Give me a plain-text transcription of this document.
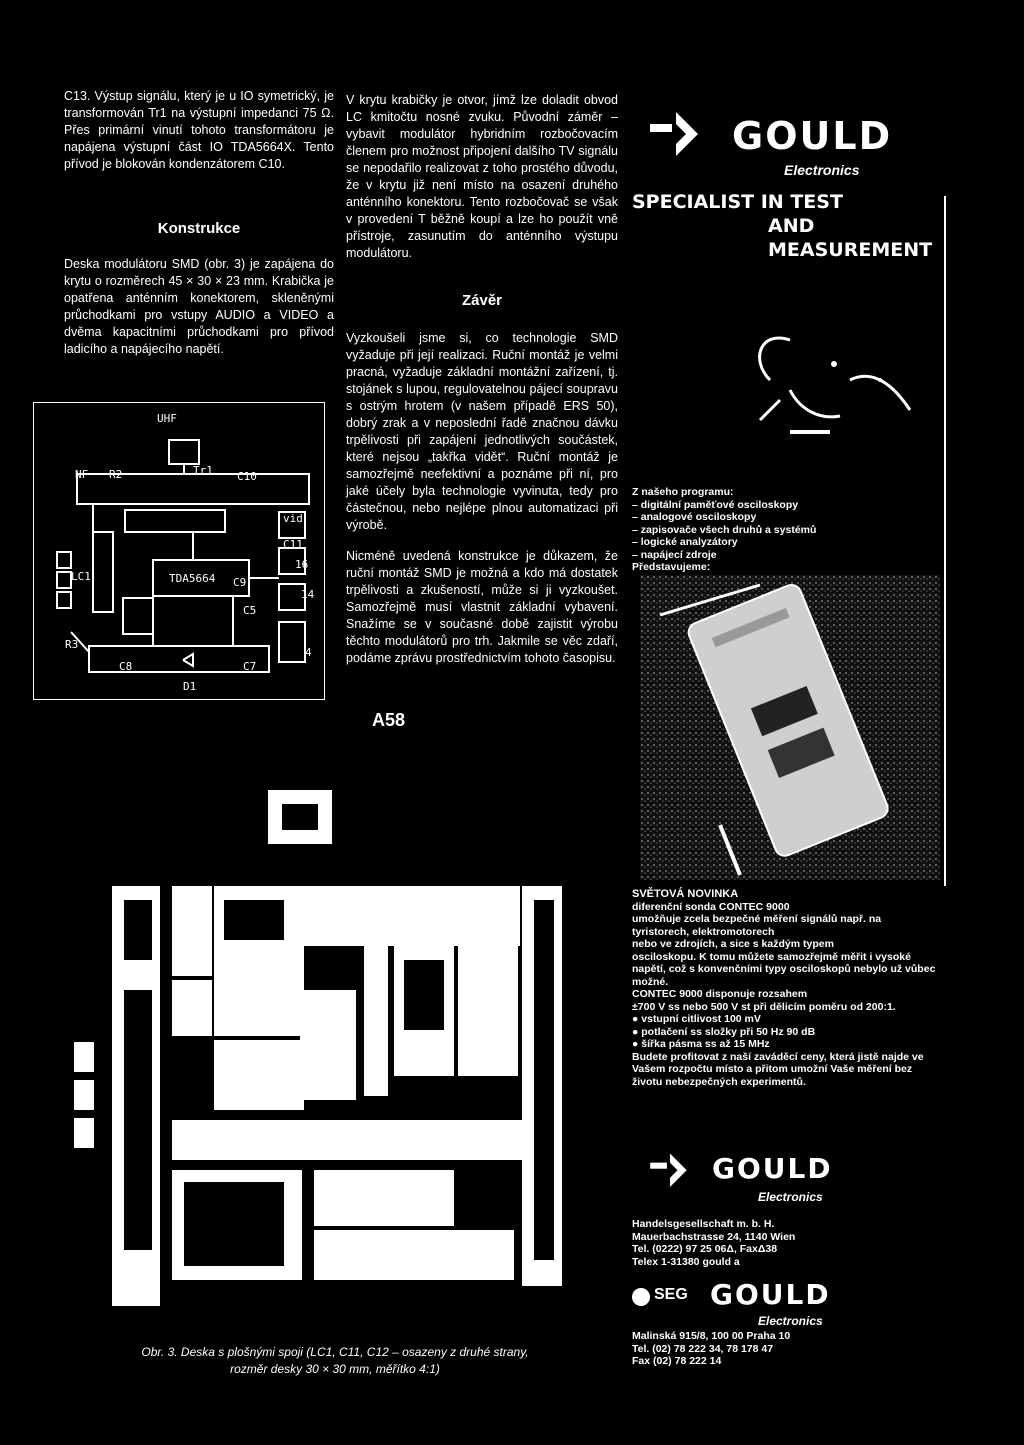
C13. Výstup signálu, který je u IO symetrický, je transformován Tr1 na výstupní impedanci 75 Ω. Přes primární vinutí tohoto transformátoru je napájena výstupní část IO TDA5664X. Tento přívod je blokován kondenzátorem C10.

Konstrukce

Deska modulátoru SMD (obr. 3) je zapájena do krytu o rozměrech 45 × 30 × 23 mm. Krabička je opatřena anténním konektorem, skleněnými průchodkami pro vstupy AUDIO a VIDEO a dvěma kapacitními průchodkami pro přívod ladicího a napájecího napětí.

UHF
NF R2	Tr1 C10
vid
C11
LC1	TDA5664 C9
16
14
C5
R3
C8	C7
D1
4

V krytu krabičky je otvor, jímž lze doladit obvod LC kmitočtu nosné zvuku. Původní záměr – vybavit modulátor hybridním rozbočovacím členem pro možnost připojení dalšího TV signálu se nepodařilo realizovat z toho prostého důvodu, že v krytu již není místo na osazení druhého anténního konektoru. Tento rozbočovač se však v provedení T běžně koupí a lze ho použít vně přístroje, zasunutím do anténního výstupu modulátoru.

Závěr

Vyzkoušeli jsme si, co technologie SMD vyžaduje při její realizaci. Ruční montáž je velmi pracná, vyžaduje základní montážní zařízení, tj. stojánek s lupou, regulovatelnou pájecí soupravu s ostrým hrotem (v našem případě ERS 50), dobrý zrak a v neposlední řadě značnou dávku trpělivosti při zapájení jednotlivých součástek, které nejsou „takřka vidět“. Ruční montáž je samozřejmě neefektivní a poznáme při ní, pro jaké účely byla technologie vyvinuta, tedy pro částečnou, nebo nejlépe plnou automatizaci při výrobě.

Nicméně uvedená konstrukce je důkazem, že ruční montáž SMD je možná a kdo má dostatek trpělivosti a zkušeností, může si ji vyzkoušet. Samozřejmě musí vlastnit základní vybavení. Snažíme se v současné době zajistit výrobu těchto modulátorů pro trh. Jakmile se věc zdaří, podáme zprávu prostřednictvím tohoto časopisu.

A58
Obr. 3. Deska s plošnými spoji (LC1, C11, C12 – osazeny z druhé strany,
rozměr desky 30 × 30 mm, měřítko 4:1)
GOULD
Electronics
SPECIALIST IN TEST
AND
MEASUREMENT
Z našeho programu:
– digitální paměťové osciloskopy
– analogové osciloskopy
– zapisovače všech druhů a systémů
– logické analyzátory
– napájecí zdroje
Představujeme:
SVĚTOVÁ NOVINKA
diferenční sonda CONTEC 9000
umožňuje zcela bezpečné měření signálů např. na tyristorech, elektromotorech
nebo ve zdrojích, a sice s každým typem
osciloskopu. K tomu můžete samozřejmě měřit i vysoké napětí, což s konvenčními typy osciloskopů nebylo už vůbec možné.
CONTEC 9000 disponuje rozsahem
±700 V ss nebo 500 V st při dělicím poměru od 200:1.
● vstupní citlivost 100 mV
● potlačení ss složky při 50 Hz 90 dB
● šířka pásma ss až 15 MHz
Budete profitovat z naší zaváděcí ceny, která jistě najde ve Vašem rozpočtu místo a přitom umožní Vaše měření bez životu nebezpečných experimentů.
GOULD
Electronics
Handelsgesellschaft m. b. H.
Mauerbachstrasse 24, 1140 Wien
Tel. (0222) 97 25 06Δ, FaxΔ38
Telex 1-31380 gould a
SEG GOULD
Electronics
Malinská 915/8, 100 00 Praha 10
Tel. (02) 78 222 34, 78 178 47
Fax (02) 78 222 14
